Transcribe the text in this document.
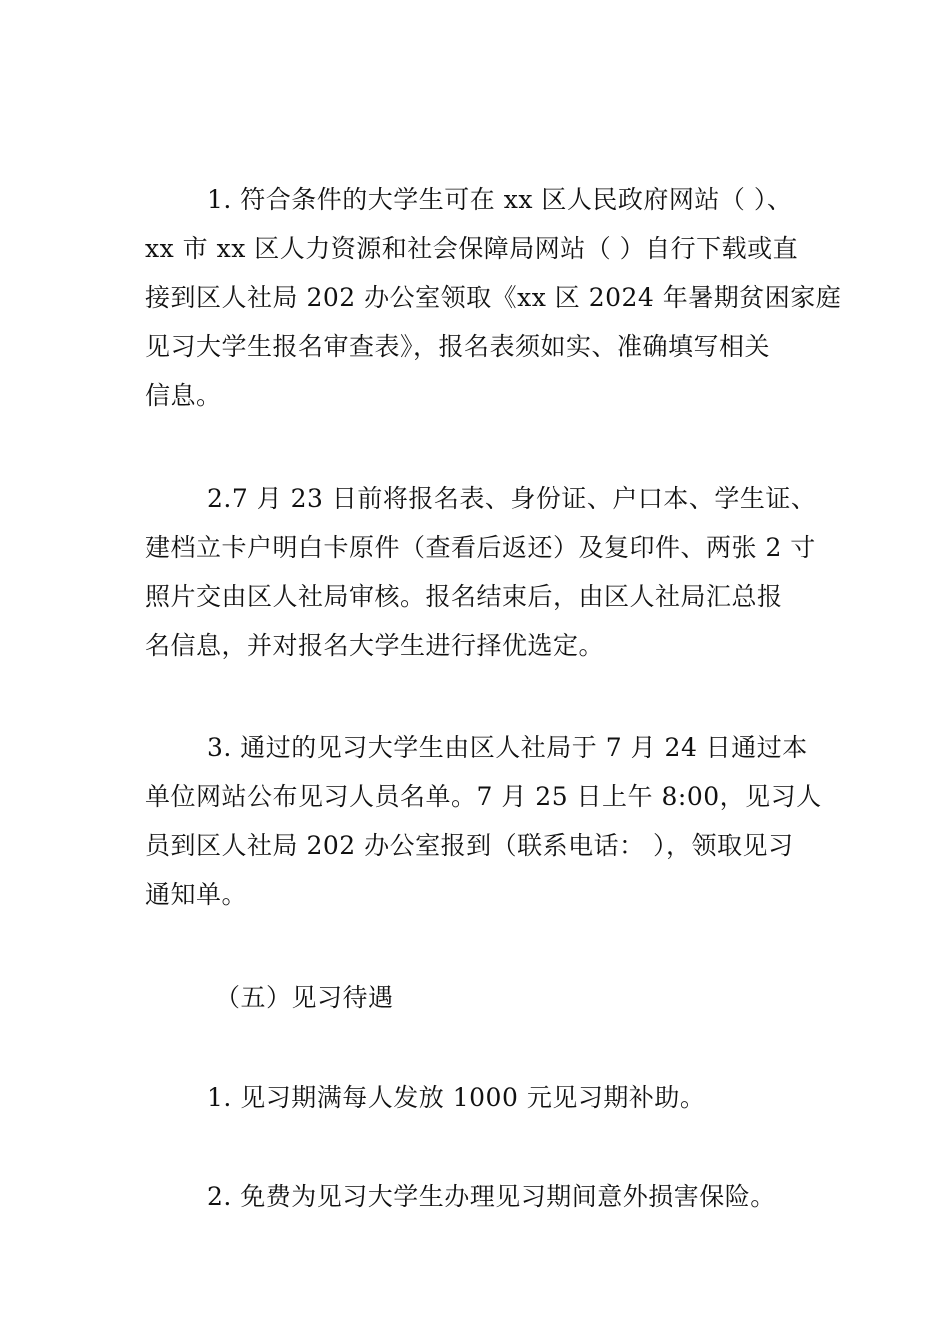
1. 符合条件的大学生可在 xx 区人民政府网站（ ）、
xx 市 xx 区人力资源和社会保障局网站（ ）自行下载或直
接到区人社局 202 办公室领取《xx 区 2024 年暑期贫困家庭
见习大学生报名审查表》，报名表须如实、准确填写相关
信息。
2.7 月 23 日前将报名表、身份证、户口本、学生证、
建档立卡户明白卡原件（查看后返还）及复印件、两张 2 寸
照片交由区人社局审核。报名结束后，由区人社局汇总报
名信息，并对报名大学生进行择优选定。
3. 通过的见习大学生由区人社局于 7 月 24 日通过本
单位网站公布见习人员名单。7 月 25 日上午 8:00，见习人
员到区人社局 202 办公室报到（联系电话： ），领取见习
通知单。
（五）见习待遇
1. 见习期满每人发放 1000 元见习期补助。
2. 免费为见习大学生办理见习期间意外损害保险。
